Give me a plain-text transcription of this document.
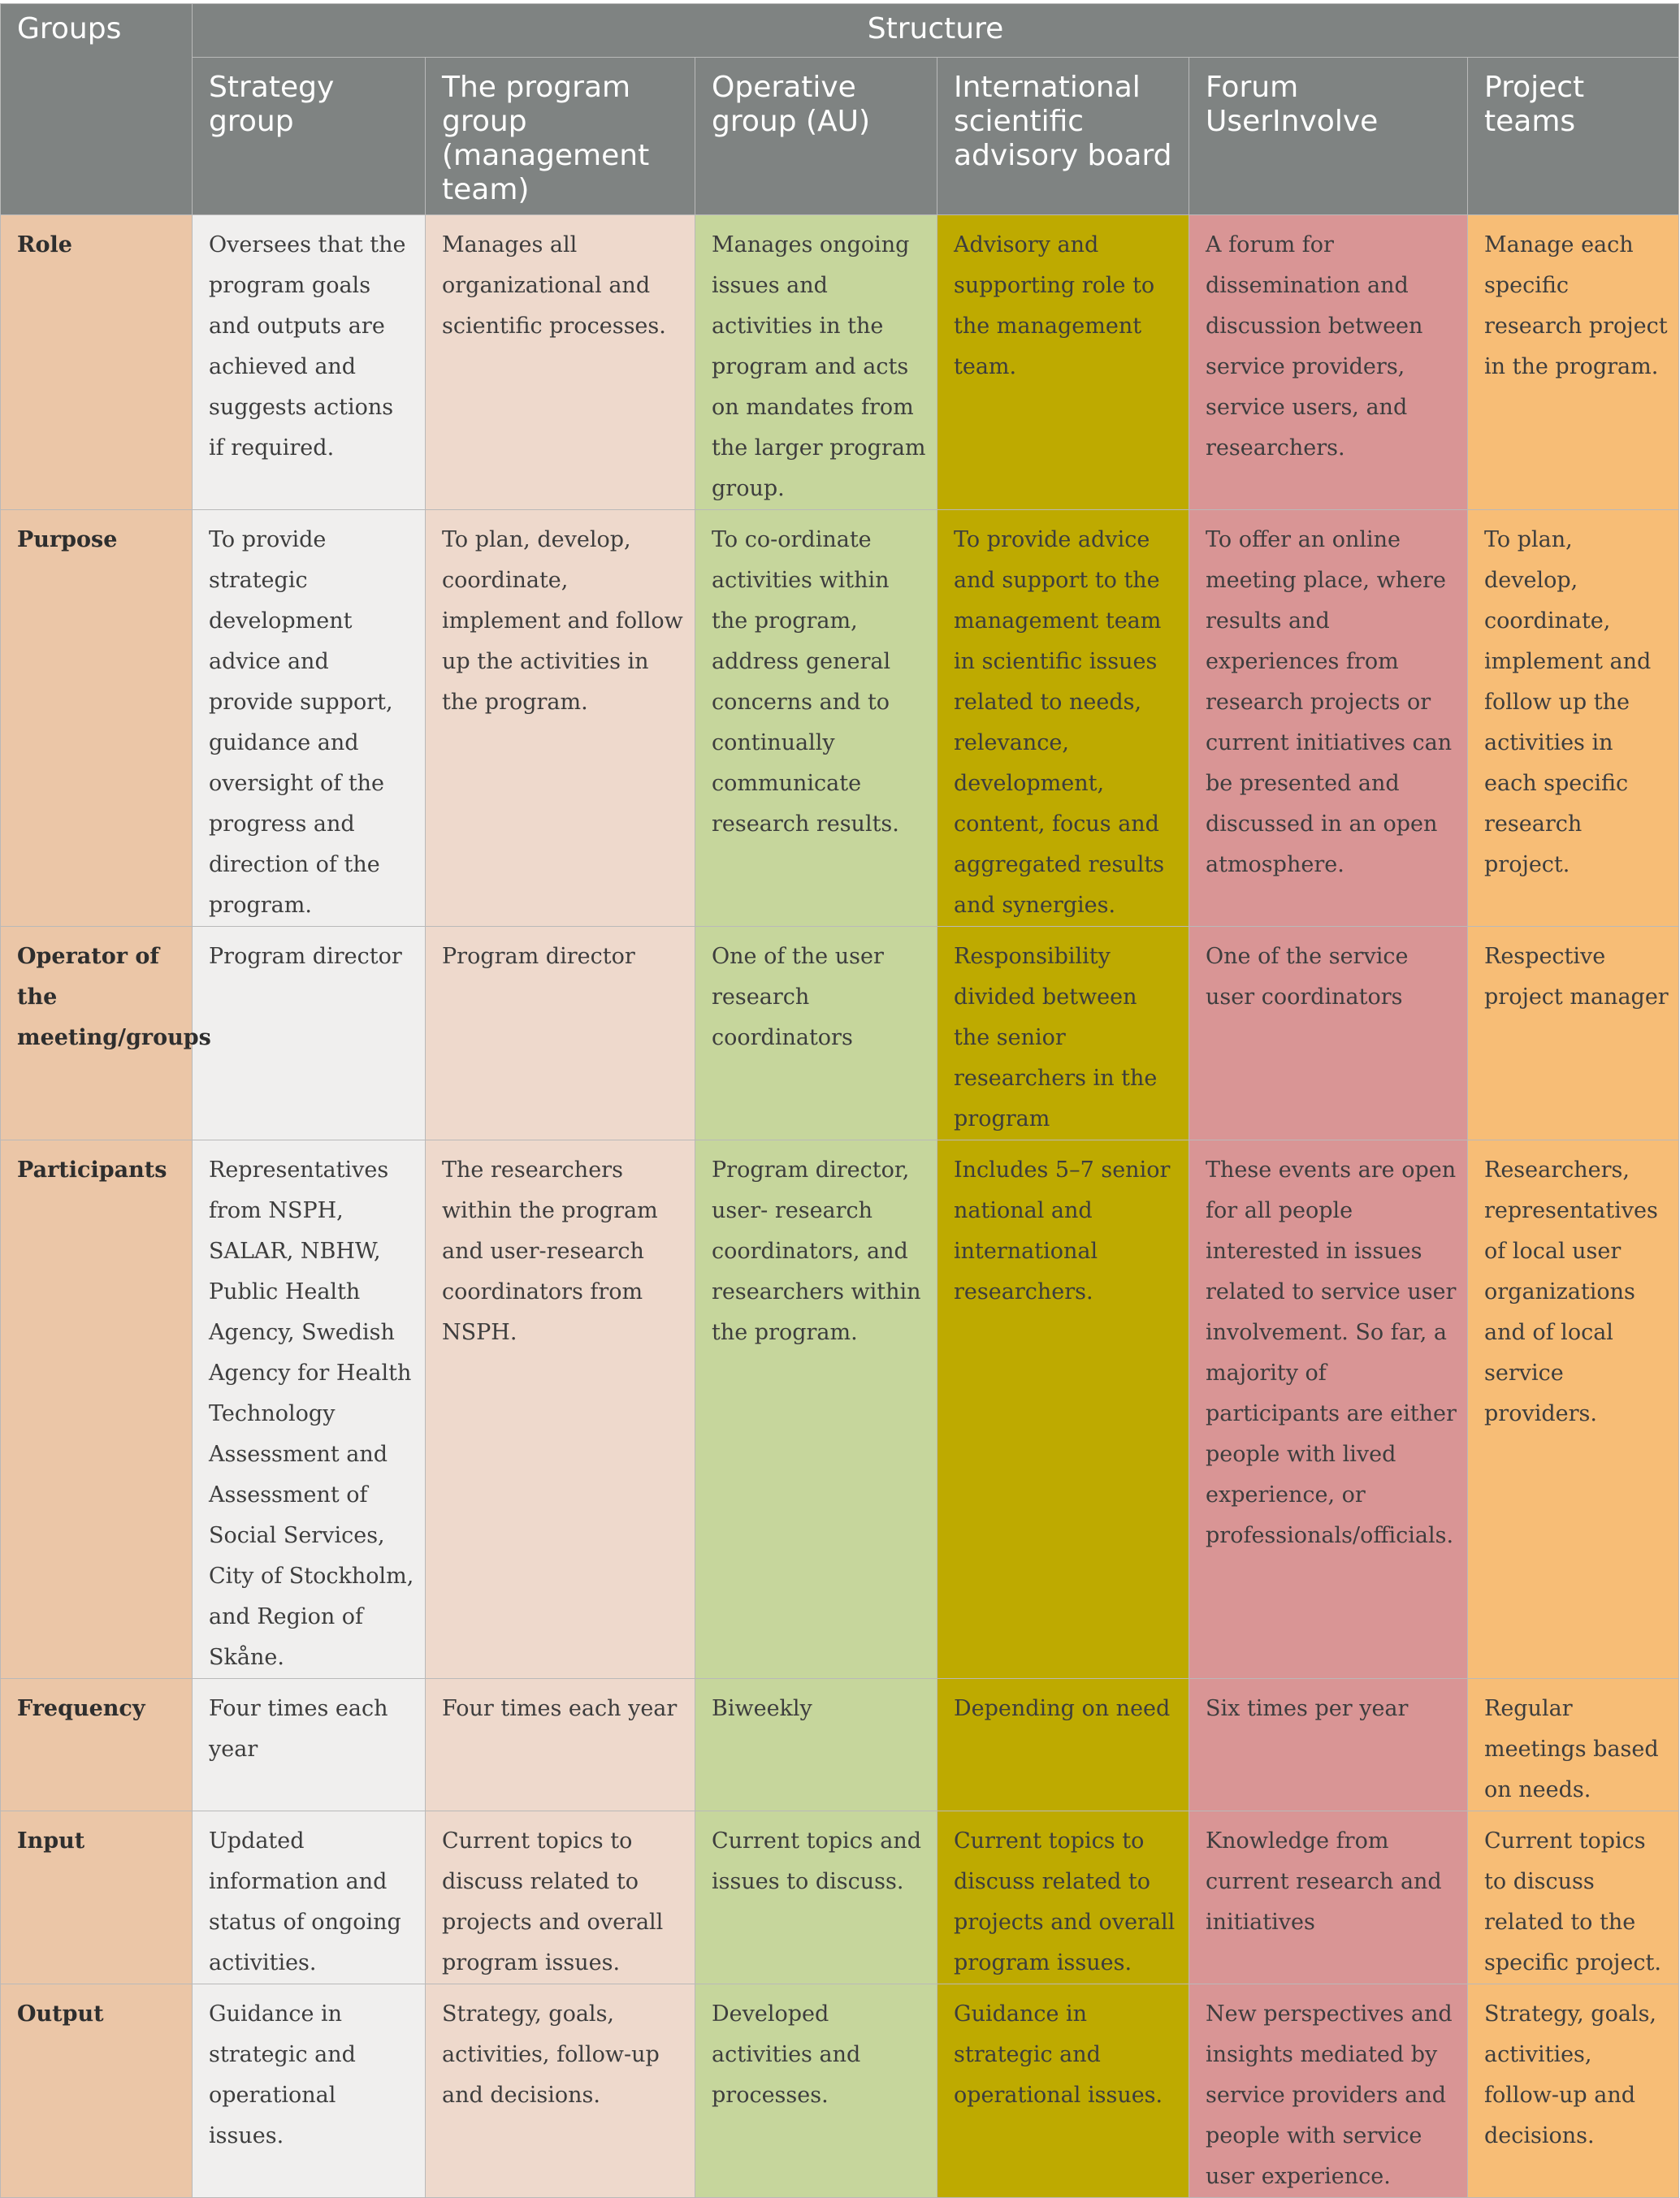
Groups	Structure					
	Strategy group	The program group (management team)	Operative group (AU)	International scientific advisory board	Forum UserInvolve	Project teams
Role	Oversees that the program goals and outputs are achieved and suggests actions if required.	Manages all organizational and scientific processes.	Manages ongoing issues and activities in the program and acts on mandates from the larger program group.	Advisory and supporting role to the management team.	A forum for dissemination and discussion between service providers, service users, and researchers.	Manage each specific research project in the program.
Purpose	To provide strategic development advice and provide support, guidance and oversight of the progress and direction of the program.	To plan, develop, coordinate, implement and follow up the activities in the program.	To co-ordinate activities within the program, address general concerns and to continually communicate research results.	To provide advice and support to the management team in scientific issues related to needs, relevance, development, content, focus and aggregated results and synergies.	To offer an online meeting place, where results and experiences from research projects or current initiatives can be presented and discussed in an open atmosphere.	To plan, develop, coordinate, implement and follow up the activities in each specific research project.
Operator of the meeting/groups	Program director	Program director	One of the user research coordinators	Responsibility divided between the senior researchers in the program	One of the service user coordinators	Respective project manager
Participants	Representatives from NSPH, SALAR, NBHW, Public Health Agency, Swedish Agency for Health Technology Assessment and Assessment of Social Services, City of Stockholm, and Region of Skåne.	The researchers within the program and user-research coordinators from NSPH.	Program director, user- research coordinators, and researchers within the program.	Includes 5–7 senior national and international researchers.	These events are open for all people interested in issues related to service user involvement. So far, a majority of participants are either people with lived experience, or professionals/officials.	Researchers, representatives of local user organizations and of local service providers.
Frequency	Four times each year	Four times each year	Biweekly	Depending on need	Six times per year	Regular meetings based on needs.
Input	Updated information and status of ongoing activities.	Current topics to discuss related to projects and overall program issues.	Current topics and issues to discuss.	Current topics to discuss related to projects and overall program issues.	Knowledge from current research and initiatives	Current topics to discuss related to the specific project.
Output	Guidance in strategic and operational issues.	Strategy, goals, activities, follow-up and decisions.	Developed activities and processes.	Guidance in strategic and operational issues.	New perspectives and insights mediated by service providers and people with service user experience.	Strategy, goals, activities, follow-up and decisions.
